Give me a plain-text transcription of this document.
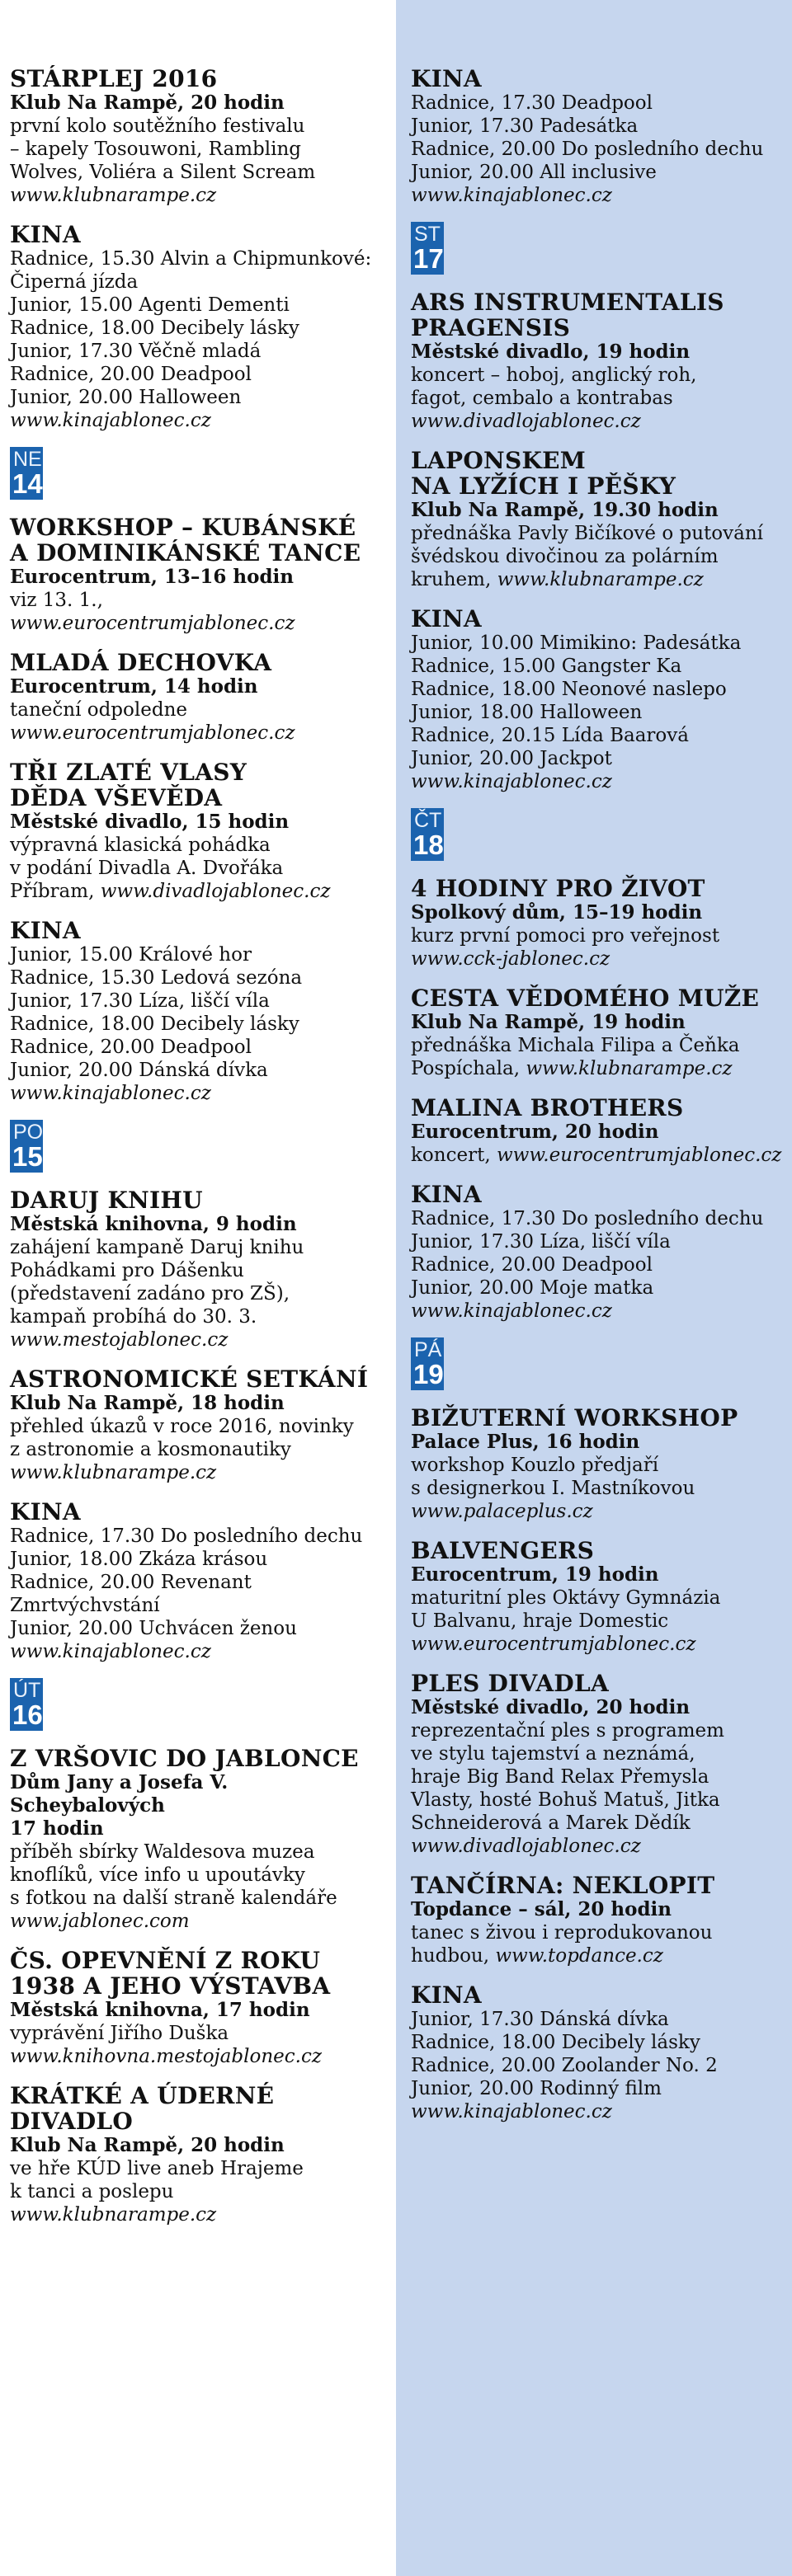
STÁRPLEJ 2016
Klub Na Rampě, 20 hodin
první kolo soutěžního festivalu
– kapely Tosouwoni, Rambling
Wolves, Voliéra a Silent Scream
www.klubnarampe.cz
KINA
Radnice, 15.30 Alvin a Chipmunkové:
Čiperná jízda
Junior, 15.00 Agenti Dementi
Radnice, 18.00 Decibely lásky
Junior, 17.30 Věčně mladá
Radnice, 20.00 Deadpool
Junior, 20.00 Halloween
www.kinajablonec.cz
NE
14
WORKSHOP – KUBÁNSKÉ
A DOMINIKÁNSKÉ TANCE
Eurocentrum, 13–16 hodin
viz 13. 1., www.eurocentrumjablonec.cz
MLADÁ DECHOVKA
Eurocentrum, 14 hodin
taneční odpoledne
www.eurocentrumjablonec.cz
TŘI ZLATÉ VLASY
DĚDA VŠEVĚDA
Městské divadlo, 15 hodin
výpravná klasická pohádka
v podání Divadla A. Dvořáka
Příbram, www.divadlojablonec.cz
KINA
Junior, 15.00 Králové hor
Radnice, 15.30 Ledová sezóna
Junior, 17.30 Líza, liščí víla
Radnice, 18.00 Decibely lásky
Radnice, 20.00 Deadpool
Junior, 20.00 Dánská dívka
www.kinajablonec.cz
PO
15
DARUJ KNIHU
Městská knihovna, 9 hodin
zahájení kampaně Daruj knihu
Pohádkami pro Dášenku
(představení zadáno pro ZŠ),
kampaň probíhá do 30. 3.
www.mestojablonec.cz
ASTRONOMICKÉ SETKÁNÍ
Klub Na Rampě, 18 hodin
přehled úkazů v roce 2016, novinky
z astronomie a kosmonautiky
www.klubnarampe.cz
KINA
Radnice, 17.30 Do posledního dechu
Junior, 18.00 Zkáza krásou
Radnice, 20.00 Revenant
Zmrtvýchvstání
Junior, 20.00 Uchvácen ženou
www.kinajablonec.cz
ÚT
16
Z VRŠOVIC DO JABLONCE
Dům Jany a Josefa V. Scheybalových
17 hodin
příběh sbírky Waldesova muzea
knoflíků, více info u upoutávky
s fotkou na další straně kalendáře
www.jablonec.com
ČS. OPEVNĚNÍ Z ROKU
1938 A JEHO VÝSTAVBA
Městská knihovna, 17 hodin
vyprávění Jiřího Duška
www.knihovna.mestojablonec.cz
KRÁTKÉ A ÚDERNÉ
DIVADLO
Klub Na Rampě, 20 hodin
ve hře KÚD live aneb Hrajeme
k tanci a poslepu
www.klubnarampe.cz
KINA
Radnice, 17.30 Deadpool
Junior, 17.30 Padesátka
Radnice, 20.00 Do posledního dechu
Junior, 20.00 All inclusive
www.kinajablonec.cz
ST
17
ARS INSTRUMENTALIS
PRAGENSIS
Městské divadlo, 19 hodin
koncert – hoboj, anglický roh,
fagot, cembalo a kontrabas
www.divadlojablonec.cz
LAPONSKEM
NA LYŽÍCH I PĚŠKY
Klub Na Rampě, 19.30 hodin
přednáška Pavly Bičíkové o putování
švédskou divočinou za polárním
kruhem, www.klubnarampe.cz
KINA
Junior, 10.00 Mimikino: Padesátka
Radnice, 15.00 Gangster Ka
Radnice, 18.00 Neonové naslepo
Junior, 18.00 Halloween
Radnice, 20.15 Lída Baarová
Junior, 20.00 Jackpot
www.kinajablonec.cz
ČT
18
4 HODINY PRO ŽIVOT
Spolkový dům, 15–19 hodin
kurz první pomoci pro veřejnost
www.cck-jablonec.cz
CESTA VĚDOMÉHO MUŽE
Klub Na Rampě, 19 hodin
přednáška Michala Filipa a Čeňka
Pospíchala, www.klubnarampe.cz
MALINA BROTHERS
Eurocentrum, 20 hodin
koncert, www.eurocentrumjablonec.cz
KINA
Radnice, 17.30 Do posledního dechu
Junior, 17.30 Líza, liščí víla
Radnice, 20.00 Deadpool
Junior, 20.00 Moje matka
www.kinajablonec.cz
PÁ
19
BIŽUTERNÍ WORKSHOP
Palace Plus, 16 hodin
workshop Kouzlo předjaří
s designerkou I. Mastníkovou
www.palaceplus.cz
BALVENGERS
Eurocentrum, 19 hodin
maturitní ples Oktávy Gymnázia
U Balvanu, hraje Domestic
www.eurocentrumjablonec.cz
PLES DIVADLA
Městské divadlo, 20 hodin
reprezentační ples s programem
ve stylu tajemství a neznámá,
hraje Big Band Relax Přemysla
Vlasty, hosté Bohuš Matuš, Jitka
Schneiderová a Marek Dědík
www.divadlojablonec.cz
TANČÍRNA: NEKLOPIT
Topdance – sál, 20 hodin
tanec s živou i reprodukovanou
hudbou, www.topdance.cz
KINA
Junior, 17.30 Dánská dívka
Radnice, 18.00 Decibely lásky
Radnice, 20.00 Zoolander No. 2
Junior, 20.00 Rodinný film
www.kinajablonec.cz
